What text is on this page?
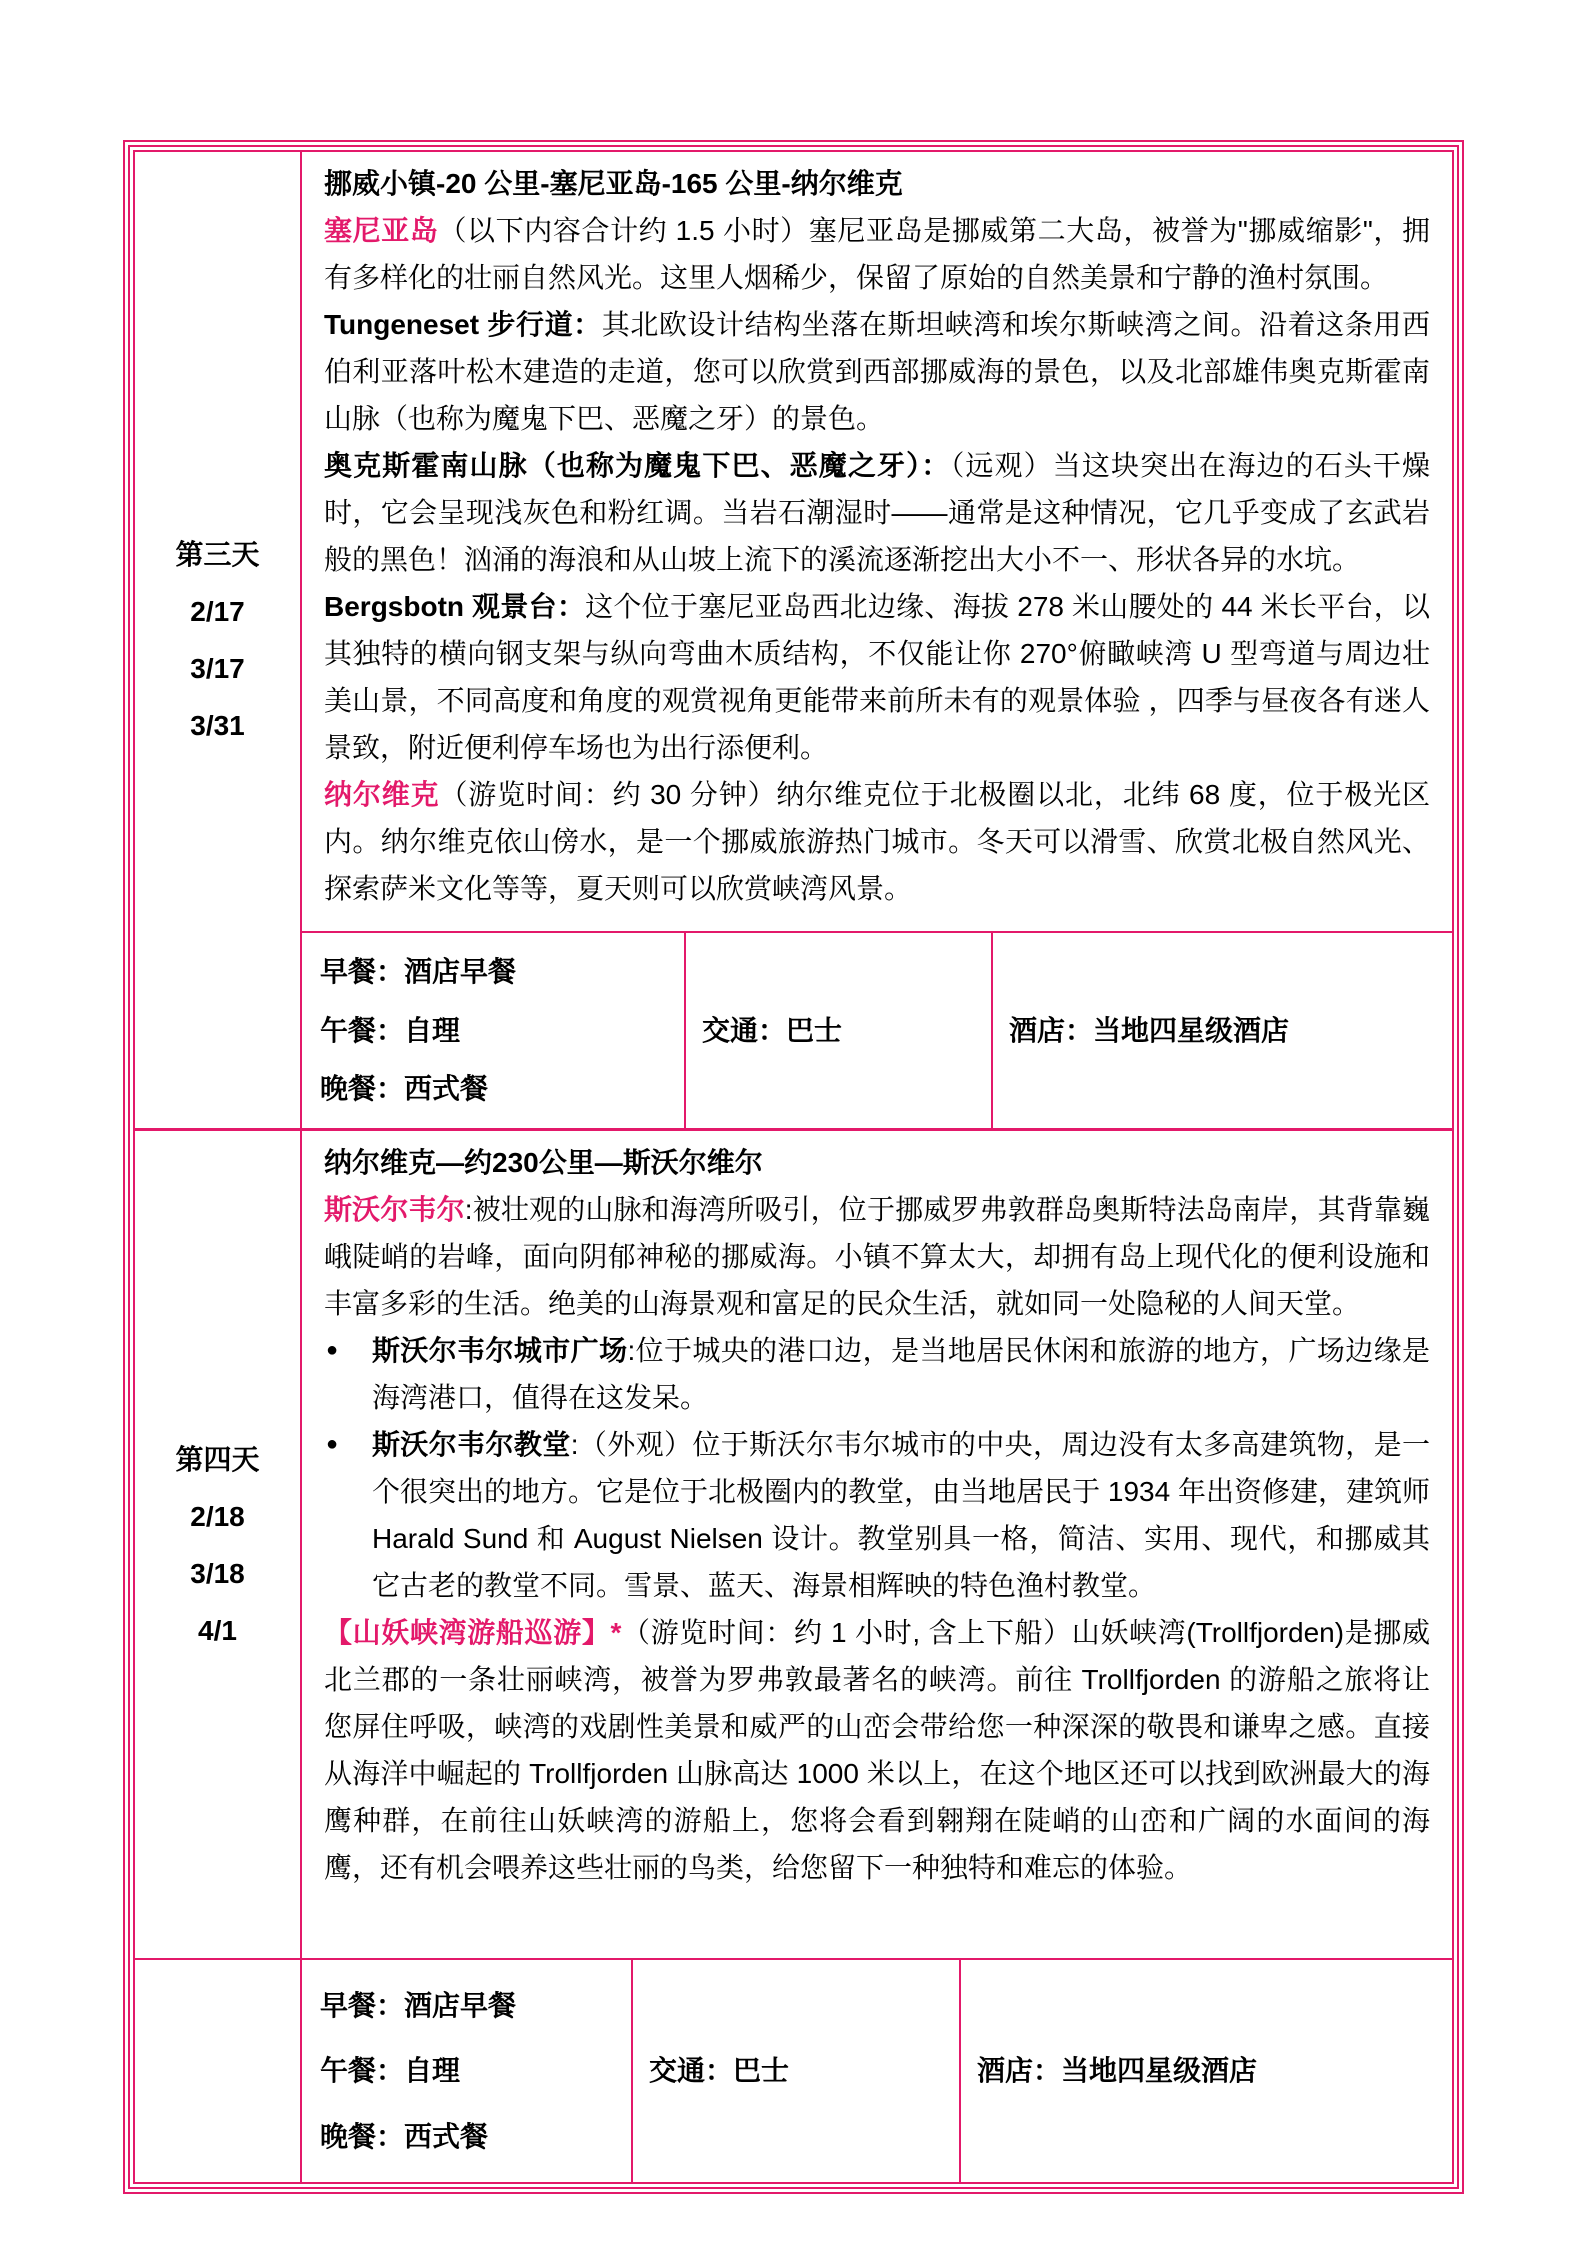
第三天
2/17
3/17
3/31

挪威小镇-20 公里-塞尼亚岛-165 公里-纳尔维克

塞尼亚岛（以下内容合计约 1.5 小时）塞尼亚岛是挪威第二大岛，被誉为"挪威缩影"，拥有多样化的壮丽自然风光。这里人烟稀少，保留了原始的自然美景和宁静的渔村氛围。

Tungeneset 步行道：其北欧设计结构坐落在斯坦峡湾和埃尔斯峡湾之间。沿着这条用西伯利亚落叶松木建造的走道，您可以欣赏到西部挪威海的景色，以及北部雄伟奥克斯霍南山脉（也称为魔鬼下巴、恶魔之牙）的景色。

奥克斯霍南山脉（也称为魔鬼下巴、恶魔之牙）：（远观）当这块突出在海边的石头干燥时，它会呈现浅灰色和粉红调。当岩石潮湿时——通常是这种情况，它几乎变成了玄武岩般的黑色！汹涌的海浪和从山坡上流下的溪流逐渐挖出大小不一、形状各异的水坑。

Bergsbotn 观景台：这个位于塞尼亚岛西北边缘、海拔 278 米山腰处的 44 米长平台，以其独特的横向钢支架与纵向弯曲木质结构，不仅能让你 270°俯瞰峡湾 U 型弯道与周边壮美山景，不同高度和角度的观赏视角更能带来前所未有的观景体验 ，四季与昼夜各有迷人景致，附近便利停车场也为出行添便利。

纳尔维克（游览时间：约 30 分钟）纳尔维克位于北极圈以北，北纬 68 度，位于极光区内。纳尔维克依山傍水，是一个挪威旅游热门城市。冬天可以滑雪、欣赏北极自然风光、探索萨米文化等等，夏天则可以欣赏峡湾风景。

早餐：酒店早餐
午餐：自理
晚餐：西式餐
交通：巴士	酒店：当地四星级酒店
第四天
2/18
3/18
4/1

纳尔维克—约230公里—斯沃尔维尔

斯沃尔韦尔:被壮观的山脉和海湾所吸引，位于挪威罗弗敦群岛奥斯特法岛南岸，其背靠巍峨陡峭的岩峰，面向阴郁神秘的挪威海。小镇不算太大，却拥有岛上现代化的便利设施和丰富多彩的生活。绝美的山海景观和富足的民众生活，就如同一处隐秘的人间天堂。

● 斯沃尔韦尔城市广场:位于城央的港口边，是当地居民休闲和旅游的地方，广场边缘是海湾港口，值得在这发呆。

● 斯沃尔韦尔教堂:（外观）位于斯沃尔韦尔城市的中央，周边没有太多高建筑物，是一个很突出的地方。它是位于北极圈内的教堂，由当地居民于 1934 年出资修建，建筑师 Harald Sund 和 August Nielsen 设计。教堂别具一格，简洁、实用、现代，和挪威其它古老的教堂不同。雪景、蓝天、海景相辉映的特色渔村教堂。

【山妖峡湾游船巡游】*（游览时间：约 1 小时, 含上下船）山妖峡湾(Trollfjorden)是挪威北兰郡的一条壮丽峡湾，被誉为罗弗敦最著名的峡湾。前往 Trollfjorden 的游船之旅将让您屏住呼吸，峡湾的戏剧性美景和威严的山峦会带给您一种深深的敬畏和谦卑之感。直接从海洋中崛起的 Trollfjorden 山脉高达 1000 米以上，在这个地区还可以找到欧洲最大的海鹰种群，在前往山妖峡湾的游船上，您将会看到翱翔在陡峭的山峦和广阔的水面间的海鹰，还有机会喂养这些壮丽的鸟类，给您留下一种独特和难忘的体验。

早餐：酒店早餐
午餐：自理
晚餐：西式餐
交通：巴士	酒店：当地四星级酒店
